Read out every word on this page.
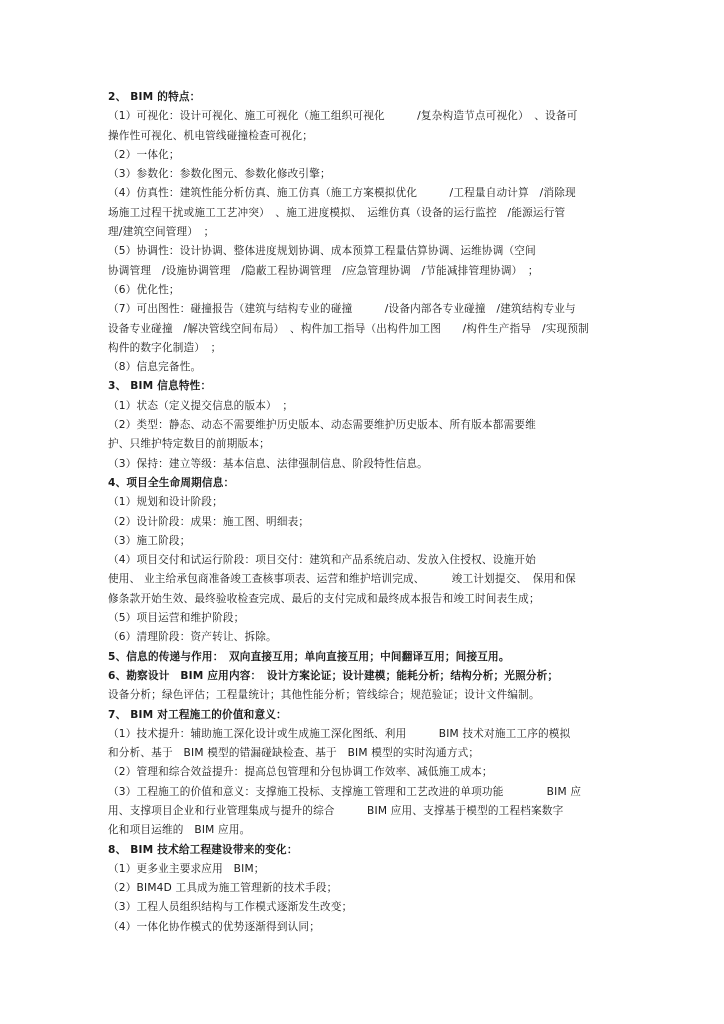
2、 BIM 的特点：
（1）可视化：设计可视化、施工可视化（施工组织可视化　　　/复杂构造节点可视化）　、设备可
操作性可视化、机电管线碰撞检查可视化；
（2）一体化；
（3）参数化：参数化图元、参数化修改引擎；
（4）仿真性：建筑性能分析仿真、施工仿真（施工方案模拟优化　　　/工程量自动计算　/消除现
场施工过程干扰或施工工艺冲突）　、施工进度模拟、　运维仿真（设备的运行监控　/能源运行管
理/建筑空间管理）　；
（5）协调性：设计协调、整体进度规划协调、成本预算工程量估算协调、运维协调（空间
协调管理　/设施协调管理　/隐蔽工程协调管理　/应急管理协调　/节能减排管理协调）　；
（6）优化性；
（7）可出图性：碰撞报告（建筑与结构专业的碰撞　　　/设备内部各专业碰撞　/建筑结构专业与
设备专业碰撞　/解决管线空间布局）　、构件加工指导（出构件加工图　　/构件生产指导　/实现预制
构件的数字化制造）　；
（8）信息完备性。
3、 BIM 信息特性：
（1）状态（定义提交信息的版本）　；
（2）类型：静态、动态不需要维护历史版本、动态需要维护历史版本、所有版本都需要维
护、只维护特定数目的前期版本；
（3）保持：建立等级：基本信息、法律强制信息、阶段特性信息。
4、项目全生命周期信息：
（1）规划和设计阶段；
（2）设计阶段：成果：施工图、明细表；
（3）施工阶段；
（4）项目交付和试运行阶段：项目交付：建筑和产品系统启动、发放入住授权、设施开始
使用、 业主给承包商准备竣工查核事项表、运营和维护培训完成、　　　竣工计划提交、　保用和保
修条款开始生效、最终验收检查完成、最后的支付完成和最终成本报告和竣工时间表生成；
（5）项目运营和维护阶段；
（6）清理阶段：资产转让、拆除。
5、信息的传递与作用：　双向直接互用；单向直接互用；中间翻译互用；间接互用。
6、勘察设计　BIM 应用内容：　设计方案论证；设计建模；能耗分析；结构分析；光照分析；
设备分析；绿色评估；工程量统计；其他性能分析；管线综合；规范验证；设计文件编制。
7、 BIM 对工程施工的价值和意义：
（1）技术提升：辅助施工深化设计或生成施工深化图纸、利用　　　BIM 技术对施工工序的模拟
和分析、基于　BIM 模型的错漏碰缺检查、基于　BIM 模型的实时沟通方式；
（2）管理和综合效益提升：提高总包管理和分包协调工作效率、减低施工成本；
（3）工程施工的价值和意义：支撑施工投标、支撑施工管理和工艺改进的单项功能　　　　BIM 应
用、支撑项目企业和行业管理集成与提升的综合　　　BIM 应用、支撑基于模型的工程档案数字
化和项目运维的　BIM 应用。
8、 BIM 技术给工程建设带来的变化：
（1）更多业主要求应用　BIM；
（2）BIM4D 工具成为施工管理新的技术手段；
（3）工程人员组织结构与工作模式逐渐发生改变；
（4）一体化协作模式的优势逐渐得到认同；
